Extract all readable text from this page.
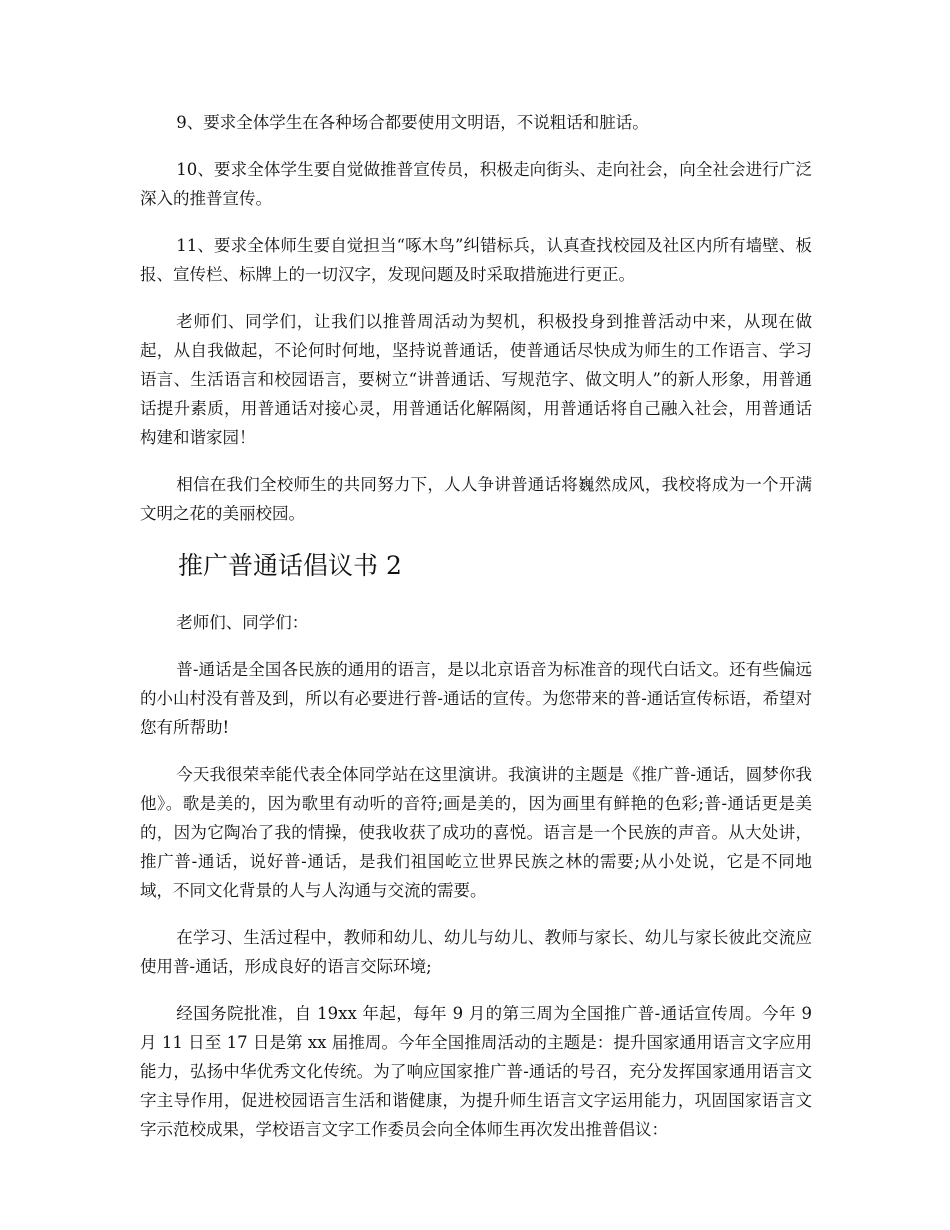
9、要求全体学生在各种场合都要使用文明语，不说粗话和脏话。

10、要求全体学生要自觉做推普宣传员，积极走向街头、走向社会，向全社会进行广泛深入的推普宣传。

11、要求全体师生要自觉担当“啄木鸟”纠错标兵，认真查找校园及社区内所有墙壁、板报、宣传栏、标牌上的一切汉字，发现问题及时采取措施进行更正。

老师们、同学们，让我们以推普周活动为契机，积极投身到推普活动中来，从现在做起，从自我做起，不论何时何地，坚持说普通话，使普通话尽快成为师生的工作语言、学习语言、生活语言和校园语言，要树立“讲普通话、写规范字、做文明人”的新人形象，用普通话提升素质，用普通话对接心灵，用普通话化解隔阂，用普通话将自己融入社会，用普通话构建和谐家园！

相信在我们全校师生的共同努力下，人人争讲普通话将巍然成风，我校将成为一个开满文明之花的美丽校园。

推广普通话倡议书 2

老师们、同学们：

普-通话是全国各民族的通用的语言，是以北京语音为标准音的现代白话文。还有些偏远的小山村没有普及到，所以有必要进行普-通话的宣传。为您带来的普-通话宣传标语，希望对您有所帮助!

今天我很荣幸能代表全体同学站在这里演讲。我演讲的主题是《推广普-通话，圆梦你我他》。歌是美的，因为歌里有动听的音符;画是美的，因为画里有鲜艳的色彩;普-通话更是美的，因为它陶冶了我的情操，使我收获了成功的喜悦。语言是一个民族的声音。从大处讲，推广普-通话，说好普-通话，是我们祖国屹立世界民族之林的需要;从小处说，它是不同地域，不同文化背景的人与人沟通与交流的需要。

在学习、生活过程中，教师和幼儿、幼儿与幼儿、教师与家长、幼儿与家长彼此交流应使用普-通话，形成良好的语言交际环境;

经国务院批准，自 19xx 年起，每年 9 月的第三周为全国推广普-通话宣传周。今年 9 月 11 日至 17 日是第 xx 届推周。今年全国推周活动的主题是：提升国家通用语言文字应用能力，弘扬中华优秀文化传统。为了响应国家推广普-通话的号召，充分发挥国家通用语言文字主导作用，促进校园语言生活和谐健康，为提升师生语言文字运用能力，巩固国家语言文字示范校成果，学校语言文字工作委员会向全体师生再次发出推普倡议：
